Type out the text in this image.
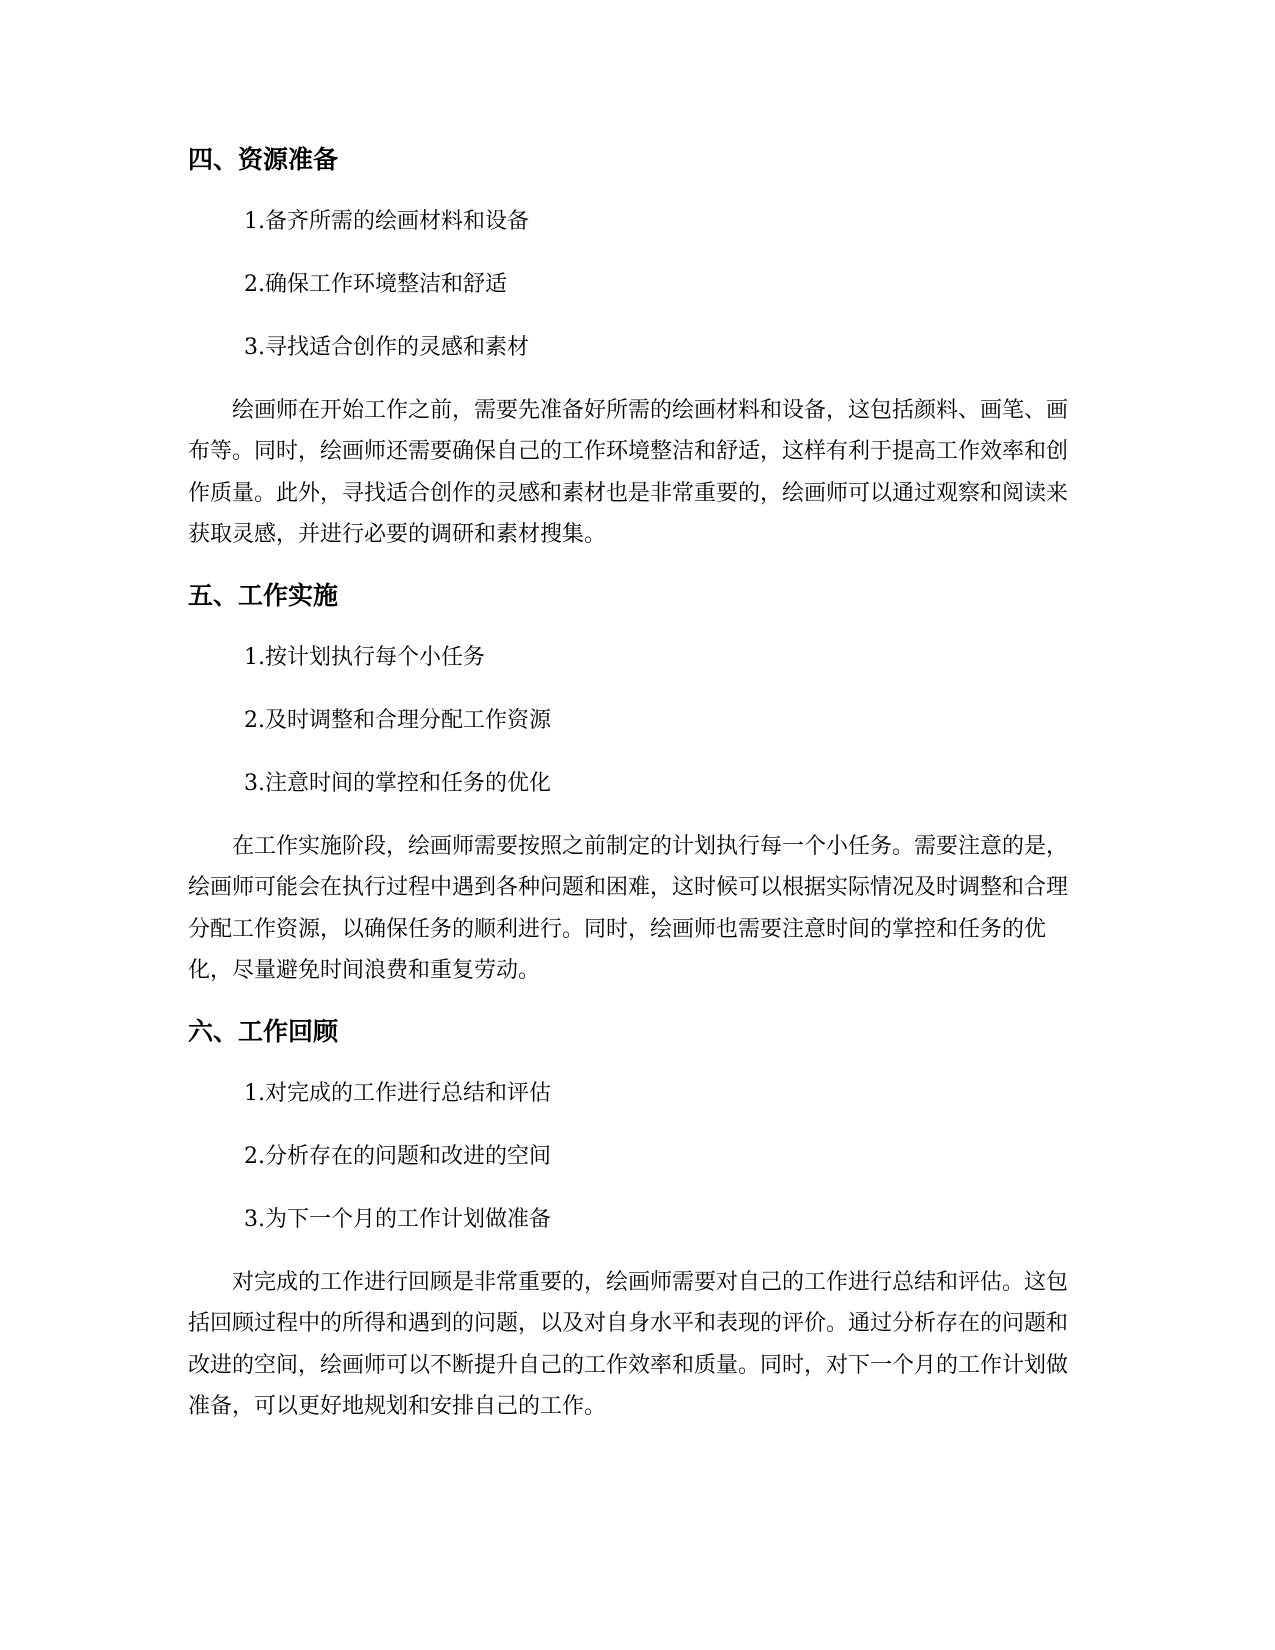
四、资源准备
1.备齐所需的绘画材料和设备
2.确保工作环境整洁和舒适
3.寻找适合创作的灵感和素材

绘画师在开始工作之前，需要先准备好所需的绘画材料和设备，这包括颜料、画笔、画布等。同时，绘画师还需要确保自己的工作环境整洁和舒适，这样有利于提高工作效率和创作质量。此外，寻找适合创作的灵感和素材也是非常重要的，绘画师可以通过观察和阅读来获取灵感，并进行必要的调研和素材搜集。

五、工作实施
1.按计划执行每个小任务
2.及时调整和合理分配工作资源
3.注意时间的掌控和任务的优化

在工作实施阶段，绘画师需要按照之前制定的计划执行每一个小任务。需要注意的是，绘画师可能会在执行过程中遇到各种问题和困难，这时候可以根据实际情况及时调整和合理分配工作资源，以确保任务的顺利进行。同时，绘画师也需要注意时间的掌控和任务的优化，尽量避免时间浪费和重复劳动。

六、工作回顾
1.对完成的工作进行总结和评估
2.分析存在的问题和改进的空间
3.为下一个月的工作计划做准备

对完成的工作进行回顾是非常重要的，绘画师需要对自己的工作进行总结和评估。这包括回顾过程中的所得和遇到的问题，以及对自身水平和表现的评价。通过分析存在的问题和改进的空间，绘画师可以不断提升自己的工作效率和质量。同时，对下一个月的工作计划做准备，可以更好地规划和安排自己的工作。
